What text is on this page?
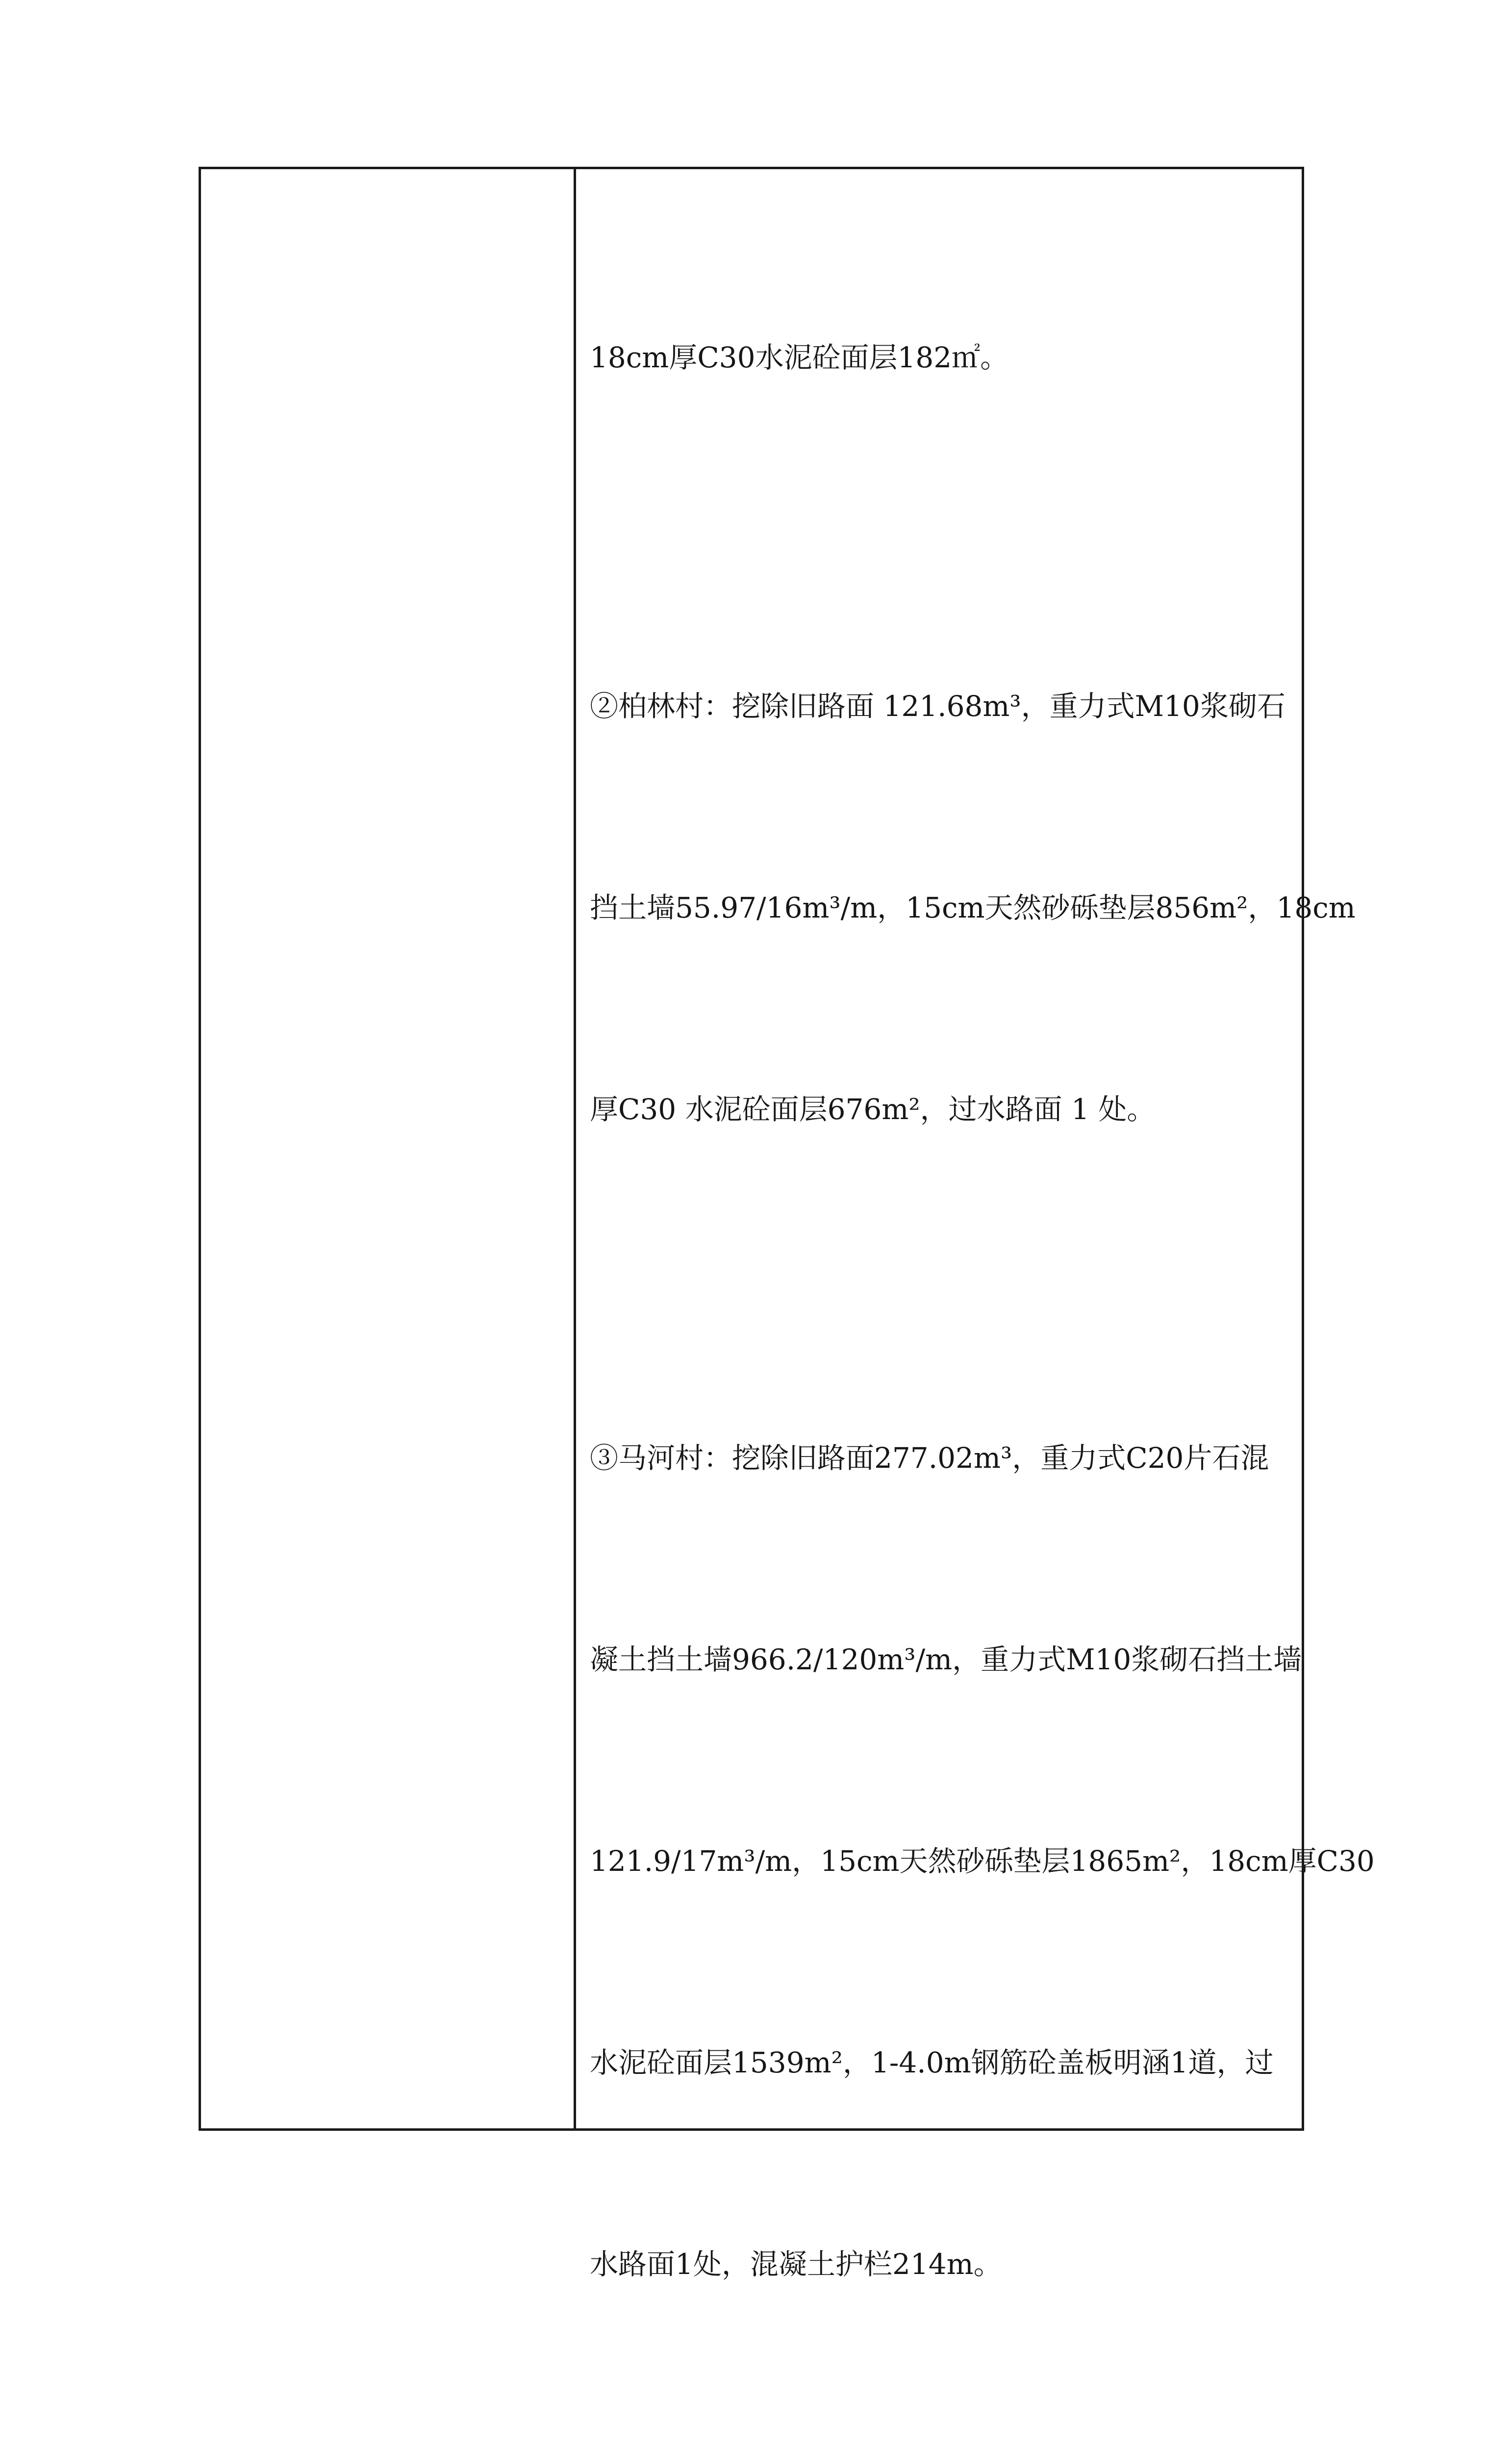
18cm厚C30水泥砼面层182㎡。

②柏林村：挖除旧路面 121.68m³，重力式M10浆砌石

挡土墙55.97/16m³/m，15cm天然砂砾垫层856m²，18cm

厚C30 水泥砼面层676m²，过水路面 1 处。

③马河村：挖除旧路面277.02m³，重力式C20片石混

凝土挡土墙966.2/120m³/m，重力式M10浆砌石挡土墙

121.9/17m³/m，15cm天然砂砾垫层1865m²，18cm厚C30

水泥砼面层1539m²，1-4.0m钢筋砼盖板明涵1道，过

水路面1处，混凝土护栏214m。
